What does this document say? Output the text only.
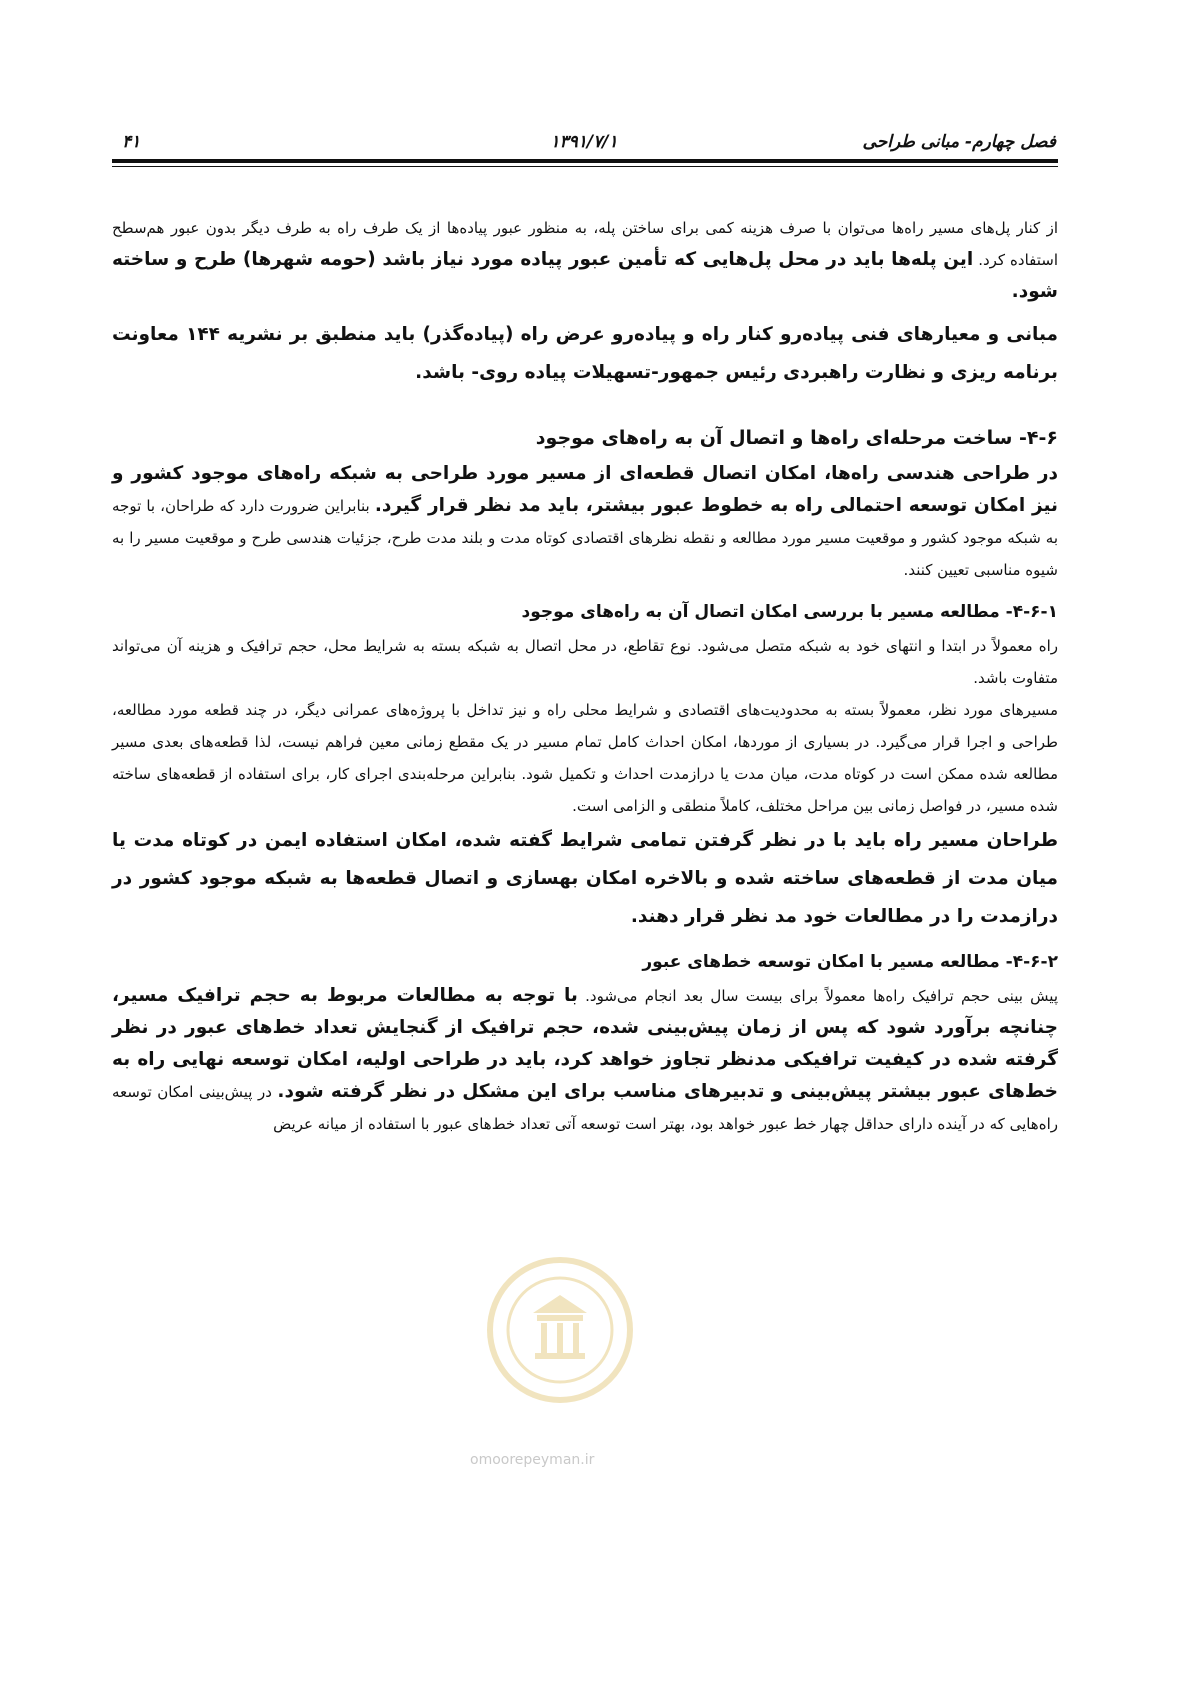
فصل چهارم- مبانی طراحی
۱۳۹۱/۷/۱
۴۱

از کنار پل‌های مسیر راه‌ها می‌توان با صرف هزینه کمی برای ساختن پله، به منظور عبور پیاده‌ها از یک طرف راه به طرف دیگر بدون عبور هم‌سطح استفاده کرد. این پله‌ها باید در محل پل‌هایی که تأمین عبور پیاده مورد نیاز باشد (حومه شهرها) طرح و ساخته شود.

مبانی و معیارهای فنی پیاده‌رو کنار راه و پیاده‌رو عرض راه (پیاده‌گذر) باید منطبق بر نشریه ۱۴۴ معاونت برنامه ریزی و نظارت راهبردی رئیس جمهور-تسهیلات پیاده روی- باشد.

۴-۶- ساخت مرحله‌ای راه‌ها و اتصال آن به راه‌های موجود

در طراحی هندسی راه‌ها، امکان اتصال قطعه‌ای از مسیر مورد طراحی به شبکه راه‌های موجود کشور و نیز امکان توسعه احتمالی راه به خطوط عبور بیشتر، باید مد نظر قرار گیرد. بنابراین ضرورت دارد که طراحان، با توجه به شبکه موجود کشور و موقعیت مسیر مورد مطالعه و نقطه نظرهای اقتصادی کوتاه مدت و بلند مدت طرح، جزئیات هندسی طرح و موقعیت مسیر را به شیوه مناسبی تعیین کنند.

۴-۶-۱- مطالعه مسیر با بررسی امکان اتصال آن به راه‌های موجود

راه معمولاً در ابتدا و انتهای خود به شبکه متصل می‌شود. نوع تقاطع، در محل اتصال به شبکه بسته به شرایط محل، حجم ترافیک و هزینه آن می‌تواند متفاوت باشد.

مسیرهای مورد نظر، معمولاً بسته به محدودیت‌های اقتصادی و شرایط محلی راه و نیز تداخل با پروژه‌های عمرانی دیگر، در چند قطعه مورد مطالعه، طراحی و اجرا قرار می‌گیرد. در بسیاری از موردها، امکان احداث کامل تمام مسیر در یک مقطع زمانی معین فراهم نیست، لذا قطعه‌های بعدی مسیر مطالعه شده ممکن است در کوتاه مدت، میان مدت یا درازمدت احداث و تکمیل شود. بنابراین مرحله‌بندی اجرای کار، برای استفاده از قطعه‌های ساخته شده مسیر، در فواصل زمانی بین مراحل مختلف، کاملاً منطقی و الزامی است.

طراحان مسیر راه باید با در نظر گرفتن تمامی شرایط گفته شده، امکان استفاده ایمن در کوتاه مدت یا میان مدت از قطعه‌های ساخته شده و بالاخره امکان بهسازی و اتصال قطعه‌ها به شبکه موجود کشور در درازمدت را در مطالعات خود مد نظر قرار دهند.

۴-۶-۲- مطالعه مسیر با امکان توسعه خط‌های عبور

پیش بینی حجم ترافیک راه‌ها معمولاً برای بیست سال بعد انجام می‌شود. با توجه به مطالعات مربوط به حجم ترافیک مسیر، چنانچه برآورد شود که پس از زمان پیش‌بینی شده، حجم ترافیک از گنجایش تعداد خط‌های عبور در نظر گرفته شده در کیفیت ترافیکی مدنظر تجاوز خواهد کرد، باید در طراحی اولیه، امکان توسعه نهایی راه به خط‌های عبور بیشتر پیش‌بینی و تدبیرهای مناسب برای این مشکل در نظر گرفته شود. در پیش‌بینی امکان توسعه راه‌هایی که در آینده دارای حداقل چهار خط عبور خواهد بود، بهتر است توسعه آتی تعداد خط‌های عبور با استفاده از میانه عریض

omoorepeyman.ir
